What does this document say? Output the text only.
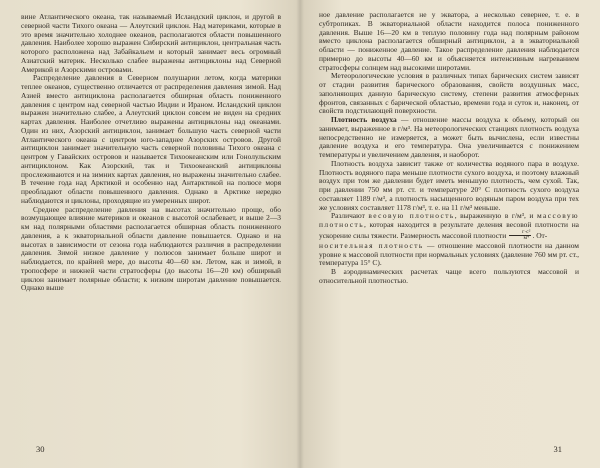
вине Атлантического океана, так называемый Исландский циклон, и другой в северной части Тихого океана — Алеутский циклон. Над материками, которые в это время значительно холоднее океанов, располагаются области повышенного давления. Наиболее хорошо выражен Сибирский антициклон, центральная часть которого расположена над Забайкальем и который занимает весь огромный Азиатский материк. Несколько слабее выражены антициклоны над Северной Америкой и Азорскими островами.

Распределение давления в Северном полушарии летом, когда материки теплее океанов, существенно отличается от распределения давления зимой. Над Азией вместо антициклона располагается обширная область пониженного давления с центром над северной частью Индии и Ираном. Исландский циклон выражен значительно слабее, а Алеутский циклон совсем не виден на средних картах давления. Наиболее отчетливо выражены антициклоны над океанами. Один из них, Азорский антициклон, занимает большую часть северной части Атлантического океана с центром юго-западнее Азорских островов. Другой антициклон занимает значительную часть северной половины Тихого океана с центром у Гавайских островов и называется Тихоокеанским или Гонолульским антициклоном. Как Азорский, так и Тихоокеанский антициклоны прослеживаются и на зимних картах давления, но выражены значительно слабее. В течение года над Арктикой и особенно над Антарктикой на полюсе моря преобладают области повышенного давления. Однако в Арктике нередко наблюдаются и циклоны, проходящие из умеренных широт.

Среднее распределение давления на высотах значительно проще, обо возмущающее влияние материков и океанов с высотой ослабевает, и выше 2—3 км над полярными областями располагается обширная область пониженного давления, а к экваториальной области давление повышается. Однако и на высотах в зависимости от сезона года наблюдаются различия в распределении давления. Зимой низкое давление у полюсов занимает больше широт и наблюдается, по крайней мере, до высоты 40—60 км. Летом, как и зимой, в тропосфере и нижней части стратосферы (до высоты 16—20 км) обширный циклон занимает полярные области; к низким широтам давление повышается. Однако выше

30

ное давление располагается не у экватора, а несколько севернее, т. е. в субтропиках. В экваториальной области находится полоса пониженного давления. Выше 16—20 км в теплую половину года над полярным районом вместо циклона располагается обширный антициклон, а в экваториальной области — пониженное давление. Такое распределение давления наблюдается примерно до высоты 40—60 км и объясняется интенсивным нагреванием стратосферы солнцем над высокими широтами.

Метеорологические условия в различных типах барических систем зависят от стадии развития барического образования, свойств воздушных масс, заполняющих данную барическую систему, степени развития атмосферных фронтов, связанных с барической областью, времени года и суток и, наконец, от свойств подстилающей поверхности.

Плотность воздуха — отношение массы воздуха к объему, который он занимает, выраженное в г/м³. На метеорологических станциях плотность воздуха непосредственно не измеряется, а может быть вычислена, если известны давление воздуха и его температура. Она увеличивается с понижением температуры и увеличением давления, и наоборот.

Плотность воздуха зависит также от количества водяного пара в воздухе. Плотность водяного пара меньше плотности сухого воздуха, и поэтому влажный воздух при том же давлении будет иметь меньшую плотность, чем сухой. Так, при давлении 750 мм рт. ст. и температуре 20° С плотность сухого воздуха составляет 1189 г/м³, а плотность насыщенного водяным паром воздуха при тех же условиях составляет 1178 г/м³, т. е. на 11 г/м³ меньше.

Различают весовую плотность, выраженную в г/м³, и массовую плотность, которая находится в результате деления весовой плотности на ускорение силы тяжести. Размерность массовой плотности $\frac{\text{г·с²}}{\text{м⁴}}$ . От-

носительная плотность — отношение массовой плотности на данном уровне к массовой плотности при нормальных условиях (давление 760 мм рт. ст., температура 15° С).

В аэродинамических расчетах чаще всего пользуются массовой и относительной плотностью.

31
